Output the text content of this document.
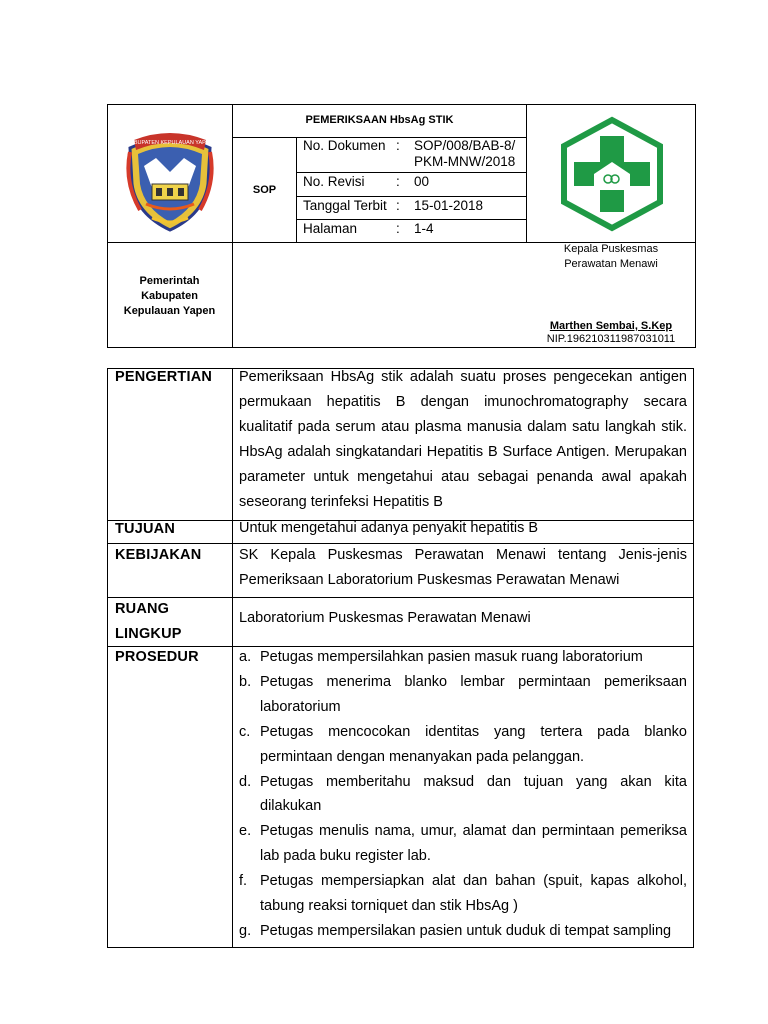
KABUPATEN KEPULAUAN YAPEN
PEMERIKSAAN HbsAg STIK
SOP
No. Dokumen : SOP/008/BAB-8/
PKM-MNW/2018
No. Revisi : 00
Tanggal Terbit : 15-01-2018
Halaman	: 1-4
Pemerintah
Kabupaten
Kepulauan Yapen
Kepala Puskesmas
Perawatan Menawi
Marthen Sembai, S.Kep
NIP.196210311987031011
PENGERTIAN Pemeriksaan HbsAg stik adalah suatu proses pengecekan antigen permukaan hepatitis B dengan imunochromatography secara kualitatif pada serum atau plasma manusia dalam satu langkah stik. HbsAg adalah singkatandari Hepatitis B Surface Antigen. Merupakan parameter untuk mengetahui atau sebagai penanda awal apakah seseorang terinfeksi Hepatitis B
TUJUAN	Untuk mengetahui adanya penyakit hepatitis B
KEBIJAKAN	SK Kepala Puskesmas Perawatan Menawi tentang Jenis-jenis Pemeriksaan Laboratorium Puskesmas Perawatan Menawi
RUANG
LINGKUP
Laboratorium Puskesmas Perawatan Menawi
PROSEDUR	a. Petugas mempersilahkan pasien masuk ruang laboratorium
b. Petugas menerima blanko lembar permintaan pemeriksaan laboratorium
c. Petugas mencocokan identitas yang tertera pada blanko permintaan dengan menanyakan pada pelanggan.
d. Petugas memberitahu maksud dan tujuan yang akan kita dilakukan
e. Petugas menulis nama, umur, alamat dan permintaan pemeriksa lab pada buku register lab.
f. Petugas mempersiapkan alat dan bahan (spuit, kapas alkohol, tabung reaksi torniquet dan stik HbsAg )
g. Petugas mempersilakan pasien untuk duduk di tempat sampling
